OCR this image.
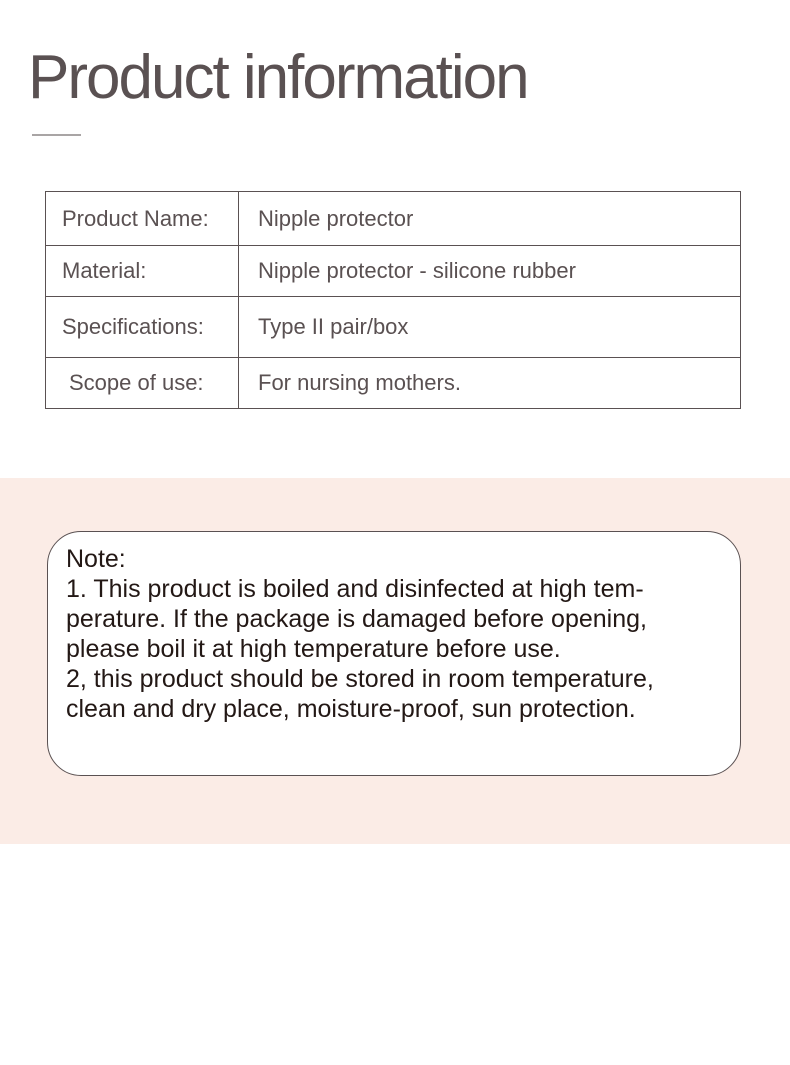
Product information
Product Name:	Nipple protector
Material:	Nipple protector - silicone rubber
Specifications:	Type II pair/box
Scope of use:	For nursing mothers.
Note:
1. This product is boiled and disinfected at high tem-
perature. If the package is damaged before opening,
please boil it at high temperature before use.
2, this product should be stored in room temperature,
clean and dry place, moisture-proof, sun protection.
